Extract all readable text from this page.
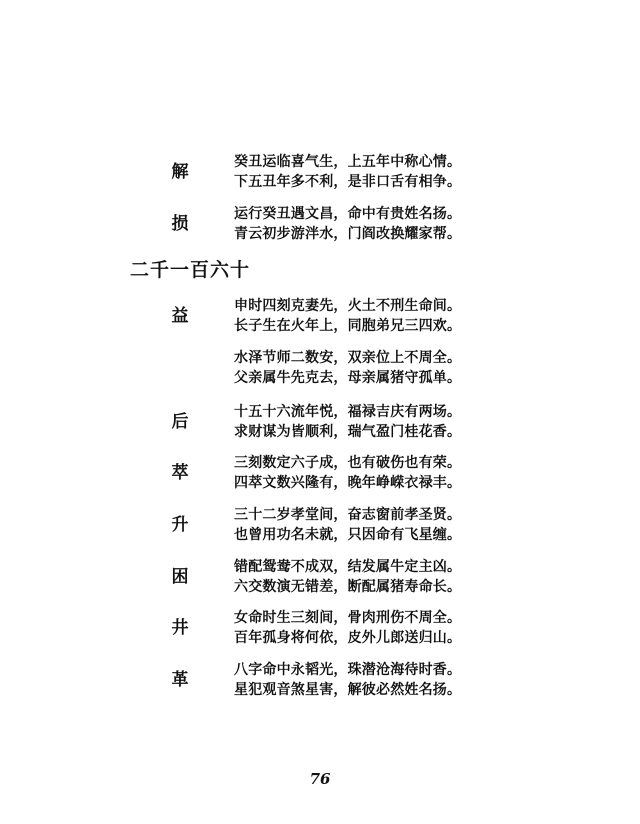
解	癸丑运临喜气生，上五年中称心情。
下五丑年多不利，是非口舌有相争。
损	运行癸丑遇文昌，命中有贵姓名扬。
青云初步游泮水，门阎改换耀家帮。
二千一百六十
益	申时四刻克妻先，火土不刑生命间。
长子生在火年上，同胞弟兄三四欢。
水泽节师二数安，双亲位上不周全。
父亲属牛先克去，母亲属猪守孤单。
后	十五十六流年悦，福禄吉庆有两场。
求财谋为皆顺利，瑞气盈门桂花香。
萃	三刻数定六子成，也有破伤也有荣。
四萃文数兴隆有，晚年峥嵘衣禄丰。
升	三十二岁孝堂间，奋志窗前孝圣贤。
也曾用功名未就，只因命有飞星缠。
困	错配鸳鸯不成双，结发属牛定主凶。
六交数演无错差，断配属猪寿命长。
井	女命时生三刻间，骨肉刑伤不周全。
百年孤身将何依，皮外儿郎送归山。
革	八字命中永韬光，珠潜沧海待时香。
星犯观音煞星害，解彼必然姓名扬。
76
